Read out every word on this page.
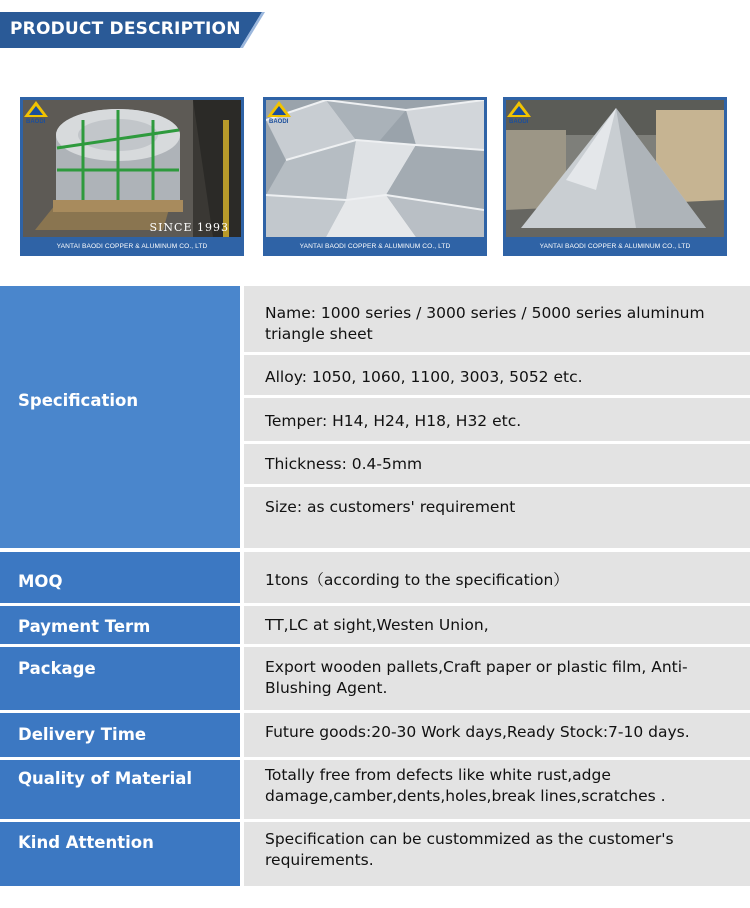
PRODUCT DESCRIPTION
SINCE 1993
BAODI
YANTAI BAODI COPPER & ALUMINUM CO., LTD
BAODI
YANTAI BAODI COPPER & ALUMINUM CO., LTD
BAODI
YANTAI BAODI COPPER & ALUMINUM CO., LTD
Specification
Name: 1000 series / 3000 series / 5000 series aluminum triangle sheet
Alloy: 1050, 1060, 1100, 3003, 5052 etc.
Temper: H14, H24, H18, H32 etc.
Thickness: 0.4-5mm
Size: as customers' requirement
MOQ	1tons（according to the specification）
Payment Term	TT,LC at sight,Westen Union,
Package	Export wooden pallets,Craft paper or plastic film, Anti-Blushing Agent.
Delivery Time	Future goods:20-30 Work days,Ready Stock:7-10 days.
Quality of Material	Totally free from defects like white rust,adge damage,camber,dents,holes,break lines,scratches .
Kind Attention	Specification can be custommized as the customer's requirements.
